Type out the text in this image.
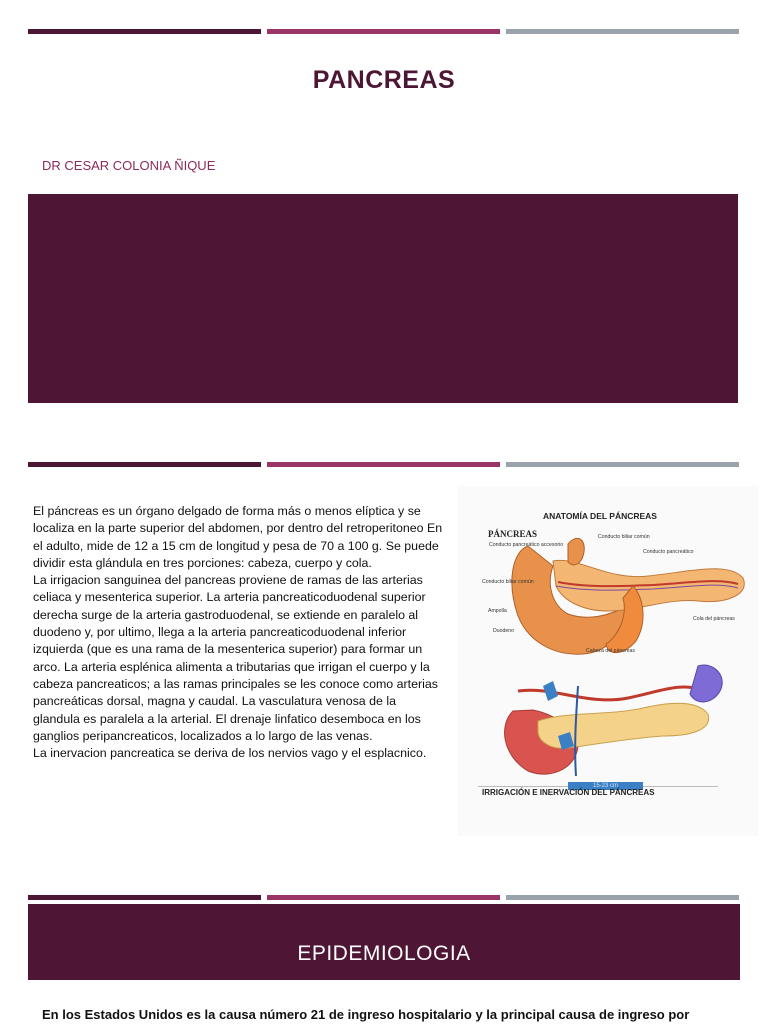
PANCREAS
DR CESAR COLONIA ÑIQUE

El páncreas es un órgano delgado de forma más o menos elíptica y se localiza en la parte superior del abdomen, por dentro del retroperitoneo En el adulto, mide de 12 a 15 cm de longitud y pesa de 70 a 100 g. Se puede dividir esta glándula en tres porciones: cabeza, cuerpo y cola.

La irrigacion sanguinea del pancreas proviene de ramas de las arterias celiaca y mesenterica superior. La arteria pancreaticoduodenal superior derecha surge de la arteria gastroduodenal, se extiende en paralelo al duodeno y, por ultimo, llega a la arteria pancreaticoduodenal inferior izquierda (que es una rama de la mesenterica superior) para formar un arco. La arteria esplénica alimenta a tributarias que irrigan el cuerpo y la cabeza pancreaticos; a las ramas principales se les conoce como arterias pancreáticas dorsal, magna y caudal. La vasculatura venosa de la glandula es paralela a la arterial. El drenaje linfatico desemboca en los ganglios peripancreaticos, localizados a lo largo de las venas.

La inervacion pancreatica se deriva de los nervios vago y el esplacnico.

ANATOMÍA DEL PÁNCREAS
PÁNCREAS
Conducto pancreático accesorio
Conducto biliar común
Conducto pancreático
Conducto biliar común
Ampolla
Duodeno
Cola del páncreas
Cabeza del páncreas
15-23 cm
IRRIGACIÓN E INERVACIÓN DEL PÁNCREAS
EPIDEMIOLOGIA
En los Estados Unidos es la causa número 21 de ingreso hospitalario y la principal causa de ingreso por
